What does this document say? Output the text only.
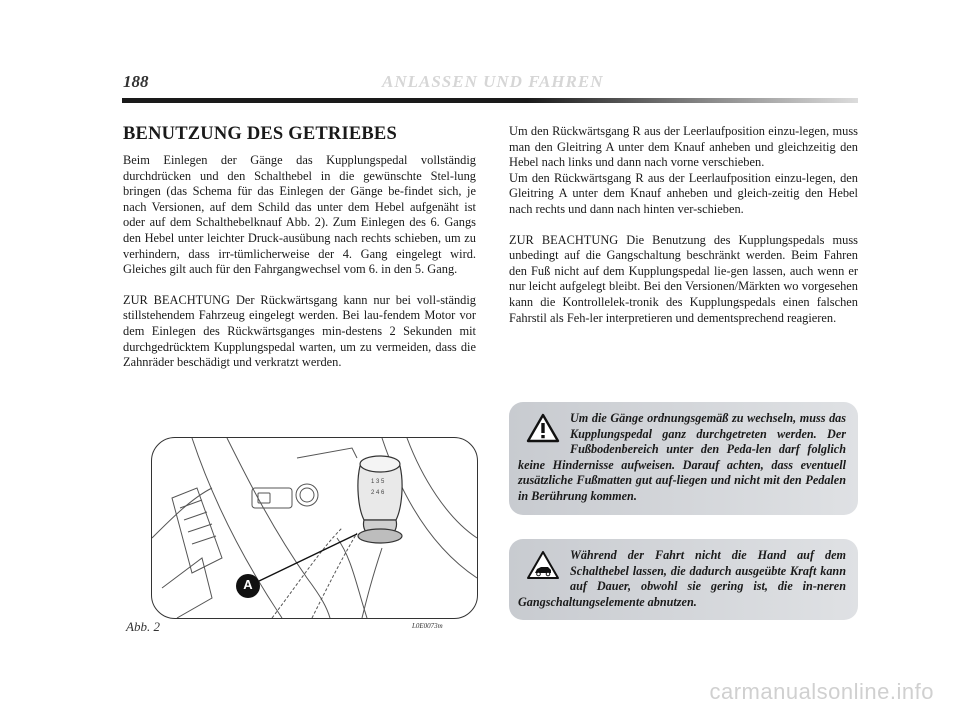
188	ANLASSEN UND FAHREN
BENUTZUNG DES GETRIEBES

Beim Einlegen der Gänge das Kupplungspedal vollständig durchdrücken und den Schalthebel in die gewünschte Stel-lung bringen (das Schema für das Einlegen der Gänge be-findet sich, je nach Versionen, auf dem Schild das unter dem Hebel aufgenäht ist oder auf dem Schalthebelknauf Abb. 2). Zum Einlegen des 6. Gangs den Hebel unter leichter Druck-ausübung nach rechts schieben, um zu verhindern, dass irr-tümlicherweise der 4. Gang eingelegt wird. Gleiches gilt auch für den Fahrgangwechsel vom 6. in den 5. Gang.

ZUR BEACHTUNG Der Rückwärtsgang kann nur bei voll-ständig stillstehendem Fahrzeug eingelegt werden. Bei lau-fendem Motor vor dem Einlegen des Rückwärtsganges min-destens 2 Sekunden mit durchgedrücktem Kupplungspedal warten, um zu vermeiden, dass die Zahnräder beschädigt und verkratzt werden.

1 3 5
2 4 6
A
Abb. 2	L0E0073m

Um den Rückwärtsgang R aus der Leerlaufposition einzu-legen, muss man den Gleitring A unter dem Knauf anheben und gleichzeitig den Hebel nach links und dann nach vorne verschieben.

Um den Rückwärtsgang R aus der Leerlaufposition einzu-legen, den Gleitring A unter dem Knauf anheben und gleich-zeitig den Hebel nach rechts und dann nach hinten ver-schieben.

ZUR BEACHTUNG Die Benutzung des Kupplungspedals muss unbedingt auf die Gangschaltung beschränkt werden. Beim Fahren den Fuß nicht auf dem Kupplungspedal lie-gen lassen, auch wenn er nur leicht aufgelegt bleibt. Bei den Versionen/Märkten wo vorgesehen kann die Kontrollelek-tronik des Kupplungspedals einen falschen Fahrstil als Feh-ler interpretieren und dementsprechend reagieren.

Um die Gänge ordnungsgemäß zu wechseln, muss das Kupplungspedal ganz durchgetreten werden. Der Fußbodenbereich unter den Peda-len darf folglich keine Hindernisse aufweisen. Darauf achten, dass eventuell zusätzliche Fußmatten gut auf-liegen und nicht mit den Pedalen in Berührung kommen.

Während der Fahrt nicht die Hand auf dem Schalthebel lassen, die dadurch ausgeübte Kraft kann auf Dauer, obwohl sie gering ist, die in-neren Gangschaltungselemente abnutzen.

carmanualsonline.info
